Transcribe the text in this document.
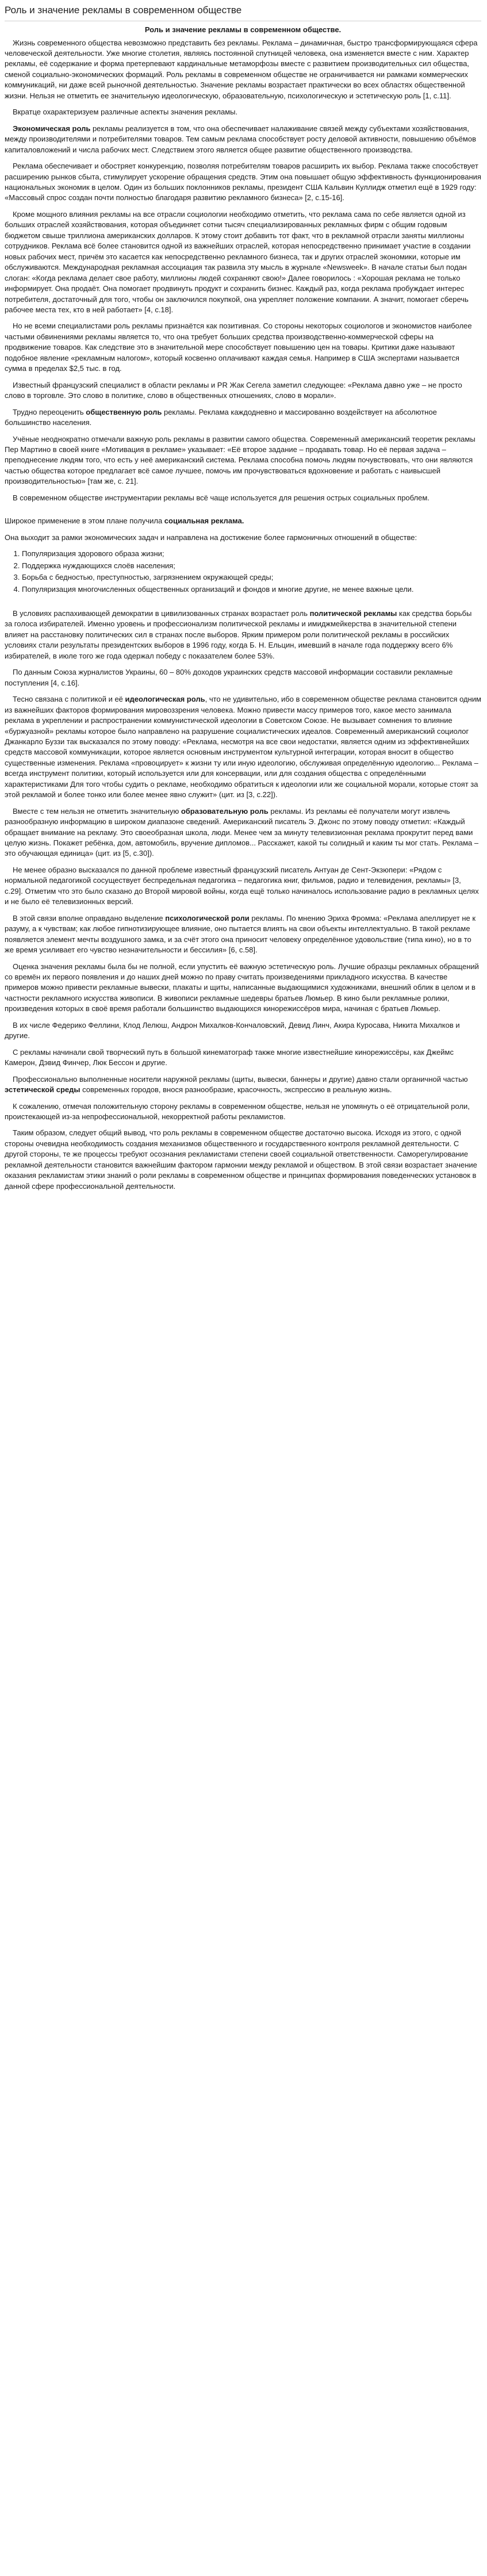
Роль и значение рекламы в современном обществе
Роль и значение рекламы в современном обществе.

Жизнь современного общества невозможно представить без рекламы. Реклама – динамичная, быстро трансформирующаяся сфера человеческой деятельности. Уже многие столетия, являясь постоянной спутницей человека, она изменяется вместе с ним. Характер рекламы, её содержание и форма претерпевают кардинальные метаморфозы вместе с развитием производительных сил общества, сменой социально-экономических формаций. Роль рекламы в современном обществе не ограничивается ни рамками коммерческих коммуникаций, ни даже всей рыночной деятельностью. Значение рекламы возрастает практически во всех областях общественной жизни. Нельзя не отметить ее значительную идеологическую, образовательную, психологическую и эстетическую роль [1, с.11].

Вкратце охарактеризуем различные аспекты значения рекламы.

Экономическая роль рекламы реализуется в том, что она обеспечивает налаживание связей между субъектами хозяйствования, между производителями и потребителями товаров. Тем самым реклама способствует росту деловой активности, повышению объёмов капиталовложений и числа рабочих мест. Следствием этого является общее развитие общественного производства.

Реклама обеспечивает и обостряет конкуренцию, позволяя потребителям товаров расширить их выбор. Реклама также способствует расширению рынков сбыта, стимулирует ускорение обращения средств. Этим она повышает общую эффективность функционирования национальных экономик в целом. Один из больших поклонников рекламы, президент США Кальвин Куллидж отметил ещё в 1929 году: «Массовый спрос создан почти полностью благодаря развитию рекламного бизнеса» [2, с.15-16].

Кроме мощного влияния рекламы на все отрасли социологии необходимо отметить, что реклама сама по себе является одной из больших отраслей хозяйствования, которая объединяет сотни тысяч специализированных рекламных фирм с общим годовым бюджетом свыше триллиона американских долларов. К этому стоит добавить тот факт, что в рекламной отрасли заняты миллионы сотрудников. Реклама всё более становится одной из важнейших отраслей, которая непосредственно принимает участие в создании новых рабочих мест, причём это касается как непосредственно рекламного бизнеса, так и других отраслей экономики, которые им обслуживаются. Международная рекламная ассоциация так развила эту мысль в журнале «Newsweek». В начале статьи был подан слоган: «Когда реклама делает свое работу, миллионы людей сохраняют свою!» Далее говорилось : «Хорошая реклама не только информирует. Она продаёт. Она помогает продвинуть продукт и сохранить бизнес. Каждый раз, когда реклама пробуждает интерес потребителя, достаточный для того, чтобы он заключился покупкой, она укрепляет положение компании. А значит, помогает сберечь рабочее места тех, кто в ней работает» [4, с.18].

Но не всеми специалистами роль рекламы признаётся как позитивная. Со стороны некоторых социологов и экономистов наиболее частыми обвинениями рекламы является то, что она требует больших средства производственно-коммерческой сферы на продвижение товаров. Как следствие это в значительной мере способствует повышению цен на товары. Критики даже называют подобное явление «рекламным налогом», который косвенно оплачивают каждая семья. Например в США экспертами называется сумма в пределах $2,5 тыс. в год.

Известный французский специалист в области рекламы и PR Жак Сегела заметил следующее: «Реклама давно уже – не просто слово в торговле. Это слово в политике, слово в общественных отношениях, слово в морали».

Трудно переоценить общественную роль рекламы. Реклама каждодневно и массированно воздействует на абсолютное большинство населения.

Учёные неоднократно отмечали важную роль рекламы в развитии самого общества. Современный американский теоретик рекламы Пер Мартино в своей книге «Мотивация в рекламе» указывает: «Её второе задание – продавать товар. Но её первая задача – преподнесение людям того, что есть у неё американский система. Реклама способна помочь людям почувствовать, что они являются частью общества которое предлагает всё самое лучшее, помочь им прочувствоваться вдохновение и работать с наивысшей производительностью» [там же, с. 21].

В современном обществе инструментарии рекламы всё чаще используется для решения острых социальных проблем.

Широкое применение в этом плане получила социальная реклама.

Она выходит за рамки экономических задач и направлена на достижение более гармоничных отношений в обществе:

1. Популяризация здорового образа жизни;
2. Поддержка нуждающихся слоёв населения;
3. Борьба с бедностью, преступностью, загрязнением окружающей среды;
4. Популяризация многочисленных общественных организаций и фондов и многие другие, не менее важные цели.

В условиях распахивающей демократии в цивилизованных странах возрастает роль политической рекламы как средства борьбы за голоса избирателей. Именно уровень и профессионализм политической рекламы и имиджмейкерства в значительной степени влияет на расстановку политических сил в странах после выборов. Ярким примером роли политической рекламы в российских условиях стали результаты президентских выборов в 1996 году, когда Б. Н. Ельцин, имевший в начале года поддержку всего 6% избирателей, в июле того же года одержал победу с показателем более 53%.

По данным Союза журналистов Украины, 60 – 80% доходов украинских средств массовой информации составили рекламные поступления [4, с.16].

Тесно связана с политикой и её идеологическая роль, что не удивительно, ибо в современном обществе реклама становится одним из важнейших факторов формирования мировоззрения человека. Можно привести массу примеров того, какое место занимала реклама в укреплении и распространении коммунистической идеологии в Советском Союзе. Не вызывает сомнения то влияние «буржуазной» рекламы которое было направлено на разрушение социалистических идеалов. Современный американский социолог Джанкарло Буззи так высказался по этому поводу: «Реклама, несмотря на все свои недостатки, является одним из эффективнейших средств массовой коммуникации, которое является основным инструментом культурной интеграции, которая вносит в общество существенные изменения. Реклама «провоцирует» к жизни ту или иную идеологию, обслуживая определённую идеологию... Реклама – всегда инструмент политики, который используется или для консервации, или для создания общества с определёнными характеристиками Для того чтобы судить о рекламе, необходимо обратиться к идеологии или же социальной морали, которые стоят за этой рекламой и более тонко или более менее явно служит» (цит. из [3, с.22]).

Вместе с тем нельзя не отметить значительную образовательную роль рекламы. Из рекламы её получатели могут извлечь разнообразную информацию в широком диапазоне сведений. Американский писатель Э. Джонс по этому поводу отметил: «Каждый обращает внимание на рекламу. Это своеобразная школа, люди. Менее чем за минуту телевизионная реклама прокрутит перед вами целую жизнь. Покажет ребёнка, дом, автомобиль, вручение дипломов... Расскажет, какой ты солидный и каким ты мог стать. Реклама – это обучающая единица» (цит. из [5, с.30]).

Не менее образно высказался по данной проблеме известный французский писатель Антуан де Сент-Экзюпери: «Рядом с нормальной педагогикой сосуществует беспредельная педагогика – педагогика книг, фильмов, радио и телевидения, рекламы» [3, с.29]. Отметим что это было сказано до Второй мировой войны, когда ещё только начиналось использование радио в рекламных целях и не было её телевизионных версий.

В этой связи вполне оправдано выделение психологической роли рекламы. По мнению Эриха Фромма: «Реклама апеллирует не к разуму, а к чувствам; как любое гипнотизирующее влияние, оно пытается влиять на свои объекты интеллектуально. В такой рекламе появляется элемент мечты воздушного замка, и за счёт этого она приносит человеку определённое удовольствие (типа кино), но в то же время усиливает его чувство незначительности и бессилия» [6, с.58].

Оценка значения рекламы была бы не полной, если упустить её важную эстетическую роль. Лучшие образцы рекламных обращений со времён их первого появления и до наших дней можно по праву считать произведениями прикладного искусства. В качестве примеров можно привести рекламные вывески, плакаты и щиты, написанные выдающимися художниками, внешний облик в целом и в частности рекламного искусства живописи. В живописи рекламные шедевры братьев Люмьер. В кино были рекламные ролики, произведения которых в своё время работали большинство выдающихся кинорежиссёров мира, начиная с братьев Люмьер.

В их числе Федерико Феллини, Клод Лелюш, Андрон Михалков-Кончаловский, Девид Линч, Акира Куросава, Никита Михалков и другие.

С рекламы начинали свой творческий путь в большой кинематограф также многие известнейшие кинорежиссёры, как Джеймс Камерон, Дэвид Финчер, Люк Бессон и другие.

Профессионально выполненные носители наружной рекламы (щиты, вывески, баннеры и другие) давно стали органичной частью эстетической среды современных городов, внося разнообразие, красочность, экспрессию в реальную жизнь.

К сожалению, отмечая положительную сторону рекламы в современном обществе, нельзя не упомянуть о её отрицательной роли, проистекающей из-за непрофессиональной, некорректной работы рекламистов.

Таким образом, следует общий вывод, что роль рекламы в современном обществе достаточно высока. Исходя из этого, с одной стороны очевидна необходимость создания механизмов общественного и государственного контроля рекламной деятельности. С другой стороны, те же процессы требуют осознания рекламистами степени своей социальной ответственности. Саморегулирование рекламной деятельности становится важнейшим фактором гармонии между рекламой и обществом. В этой связи возрастает значение оказания рекламистам этики знаний о роли рекламы в современном обществе и принципах формирования поведенческих установок в данной сфере профессиональной деятельности.
